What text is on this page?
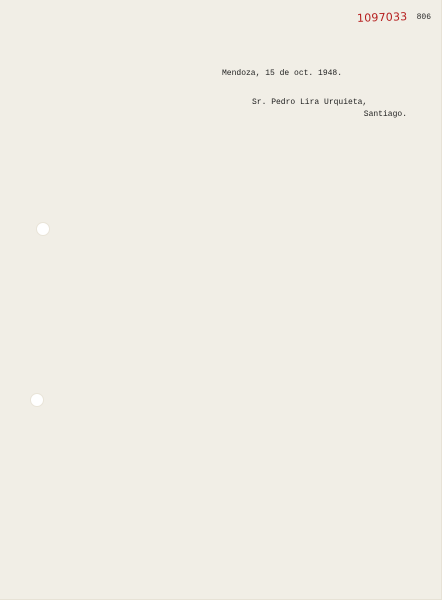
1097033 806
Mendoza, 15 de oct. 1948.
Sr. Pedro Lira Urquieta,
Santiago.
